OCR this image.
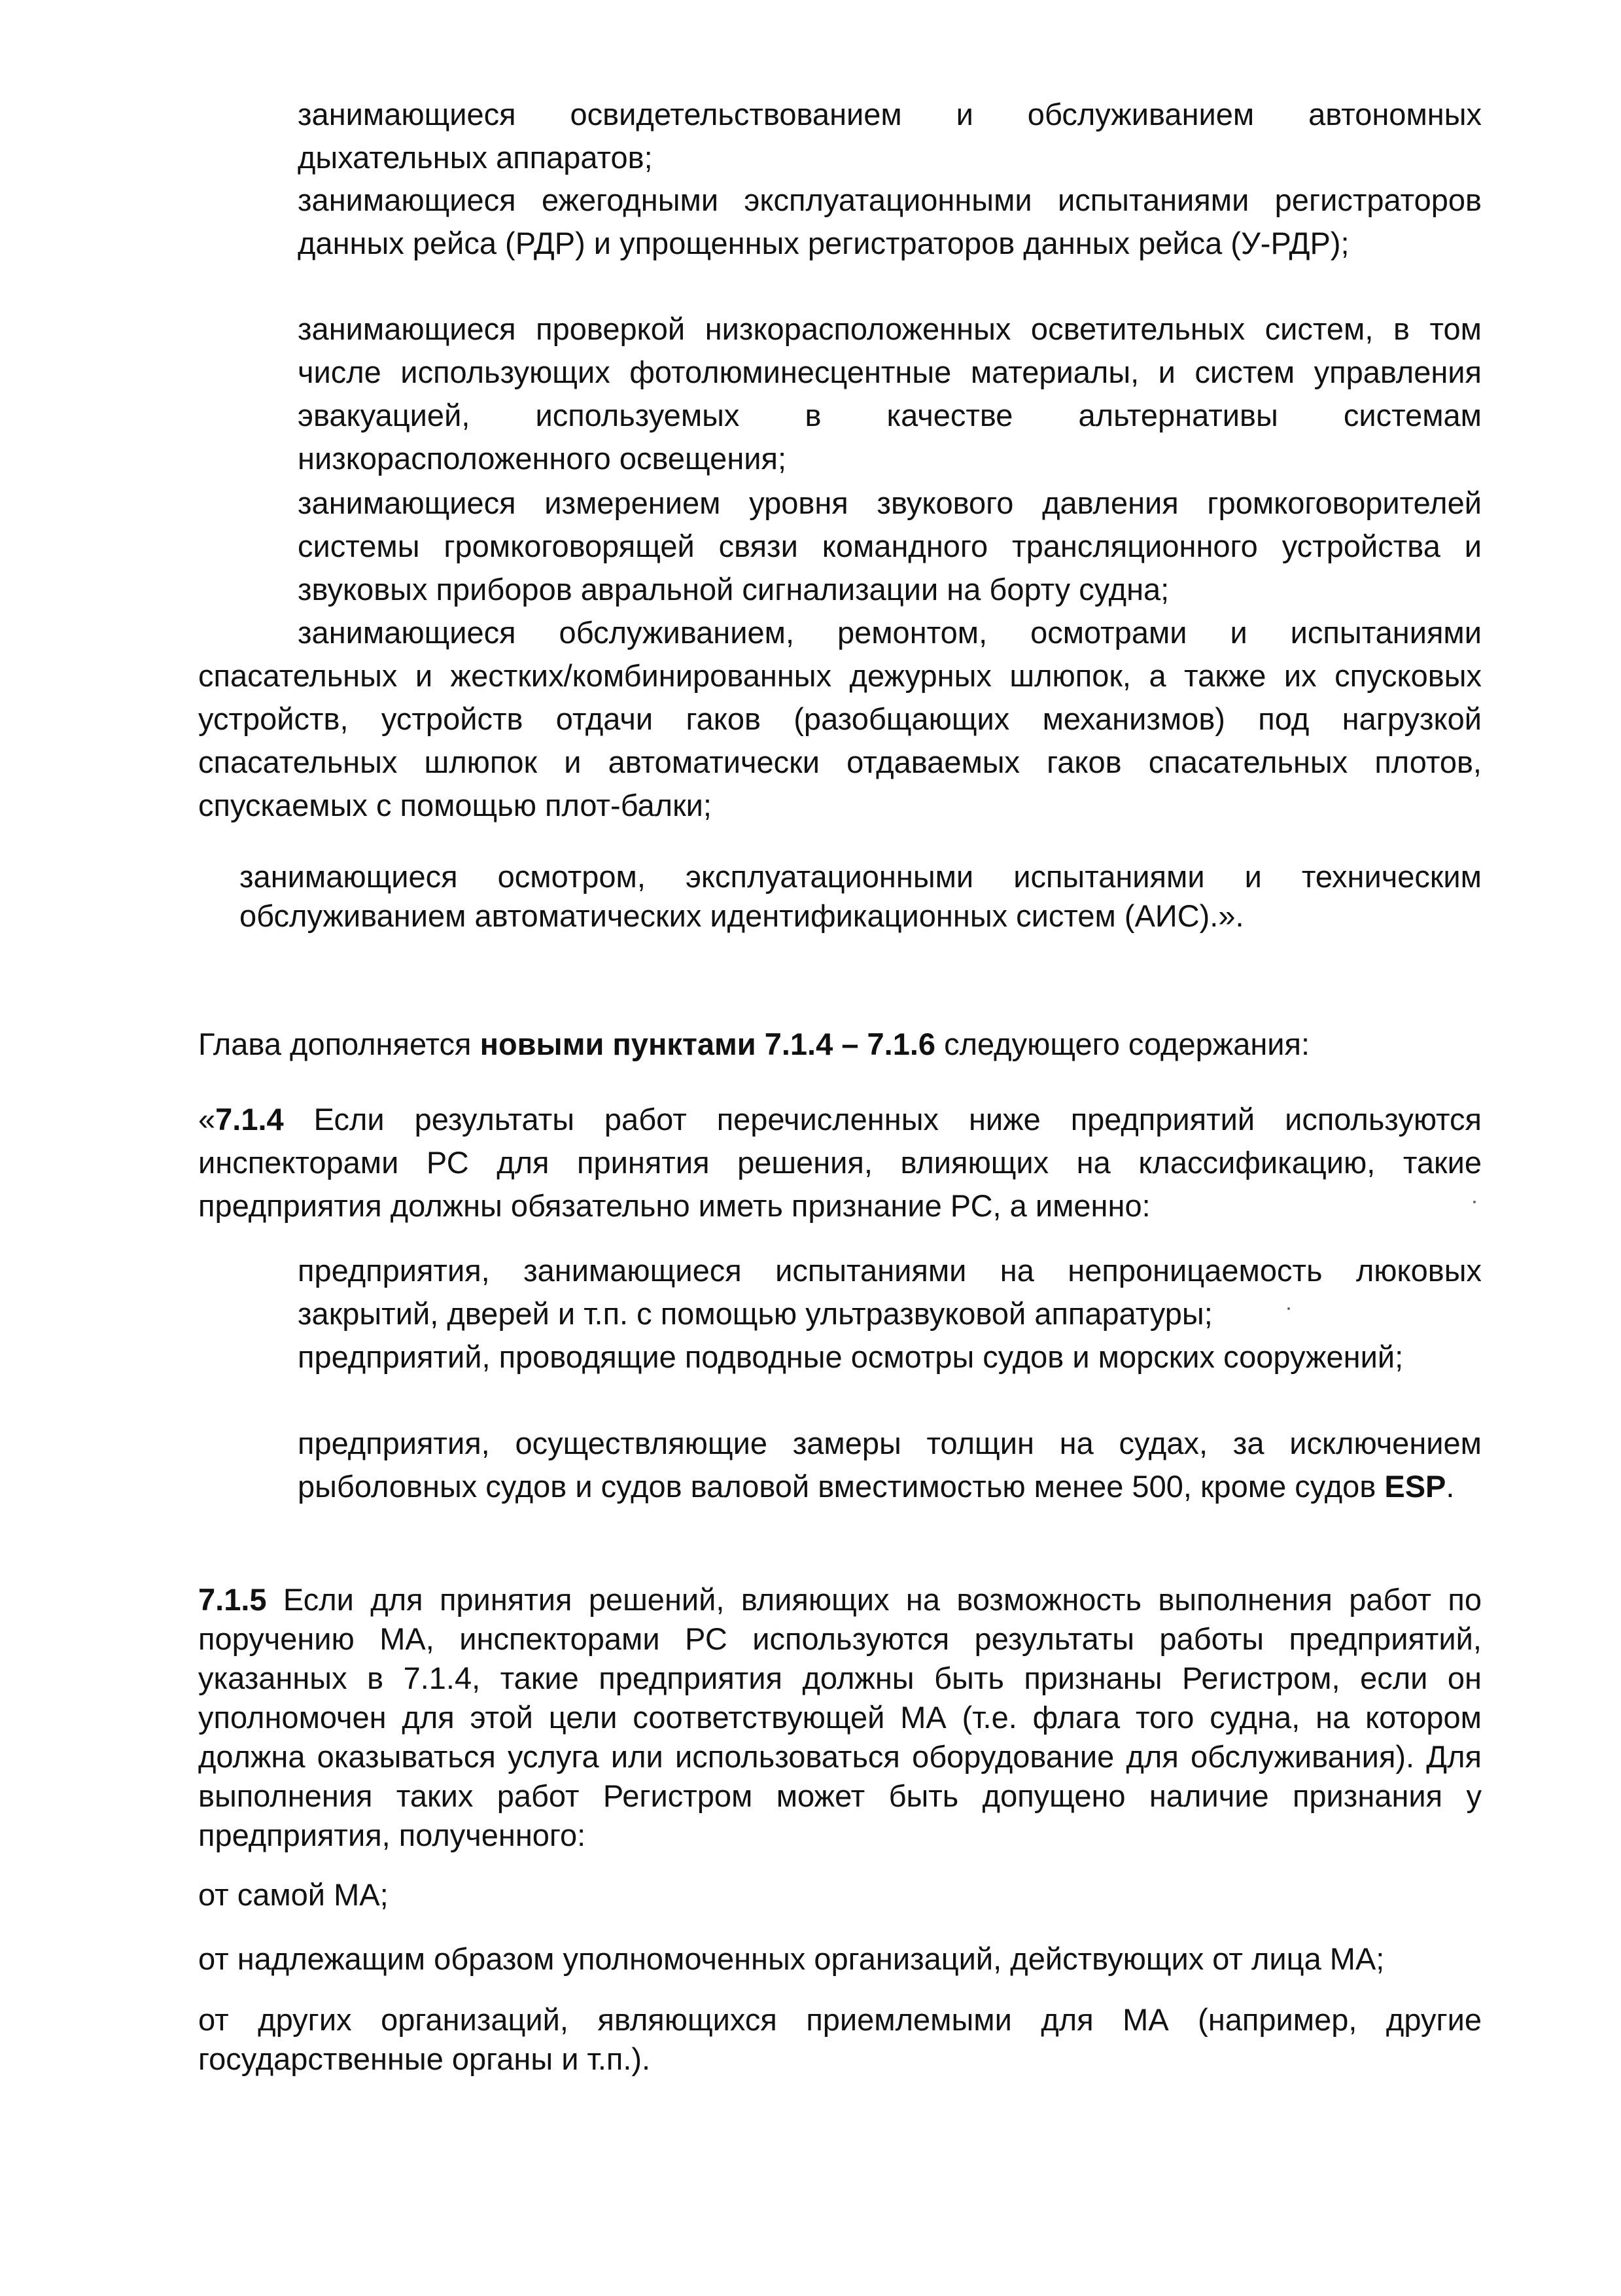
занимающиеся освидетельствованием и обслуживанием автономных дыхательных аппаратов;

занимающиеся ежегодными эксплуатационными испытаниями регистраторов данных рейса (РДР) и упрощенных регистраторов данных рейса (У-РДР);

занимающиеся проверкой низкорасположенных осветительных систем, в том числе использующих фотолюминесцентные материалы, и систем управления эвакуацией, используемых в качестве альтернативы системам низкорасположенного освещения;

занимающиеся измерением уровня звукового давления громкоговорителей системы громкоговорящей связи командного трансляционного устройства и звуковых приборов авральной сигнализации на борту судна;

занимающиеся обслуживанием, ремонтом, осмотрами и испытаниями спасательных и жестких/комбинированных дежурных шлюпок, а также их спусковых устройств, устройств отдачи гаков (разобщающих механизмов) под нагрузкой спасательных шлюпок и автоматически отдаваемых гаков спасательных плотов, спускаемых с помощью плот-балки;

занимающиеся осмотром, эксплуатационными испытаниями и техническим обслуживанием автоматических идентификационных систем (АИС).».

Глава дополняется новыми пунктами 7.1.4 – 7.1.6 следующего содержания:

«7.1.4 Если результаты работ перечисленных ниже предприятий используются инспекторами РС для принятия решения, влияющих на классификацию, такие предприятия должны обязательно иметь признание РС, а именно:

предприятия, занимающиеся испытаниями на непроницаемость люковых закрытий, дверей и т.п. с помощью ультразвуковой аппаратуры;

предприятий, проводящие подводные осмотры судов и морских сооружений;

предприятия, осуществляющие замеры толщин на судах, за исключением рыболовных судов и судов валовой вместимостью менее 500, кроме судов ESP.

7.1.5 Если для принятия решений, влияющих на возможность выполнения работ по поручению МА, инспекторами РС используются результаты работы предприятий, указанных в 7.1.4, такие предприятия должны быть признаны Регистром, если он уполномочен для этой цели соответствующей МА (т.е. флага того судна, на котором должна оказываться услуга или использоваться оборудование для обслуживания). Для выполнения таких работ Регистром может быть допущено наличие признания у предприятия, полученного:

от самой МА;

от надлежащим образом уполномоченных организаций, действующих от лица МА;

от других организаций, являющихся приемлемыми для МА (например, другие государственные органы и т.п.).
